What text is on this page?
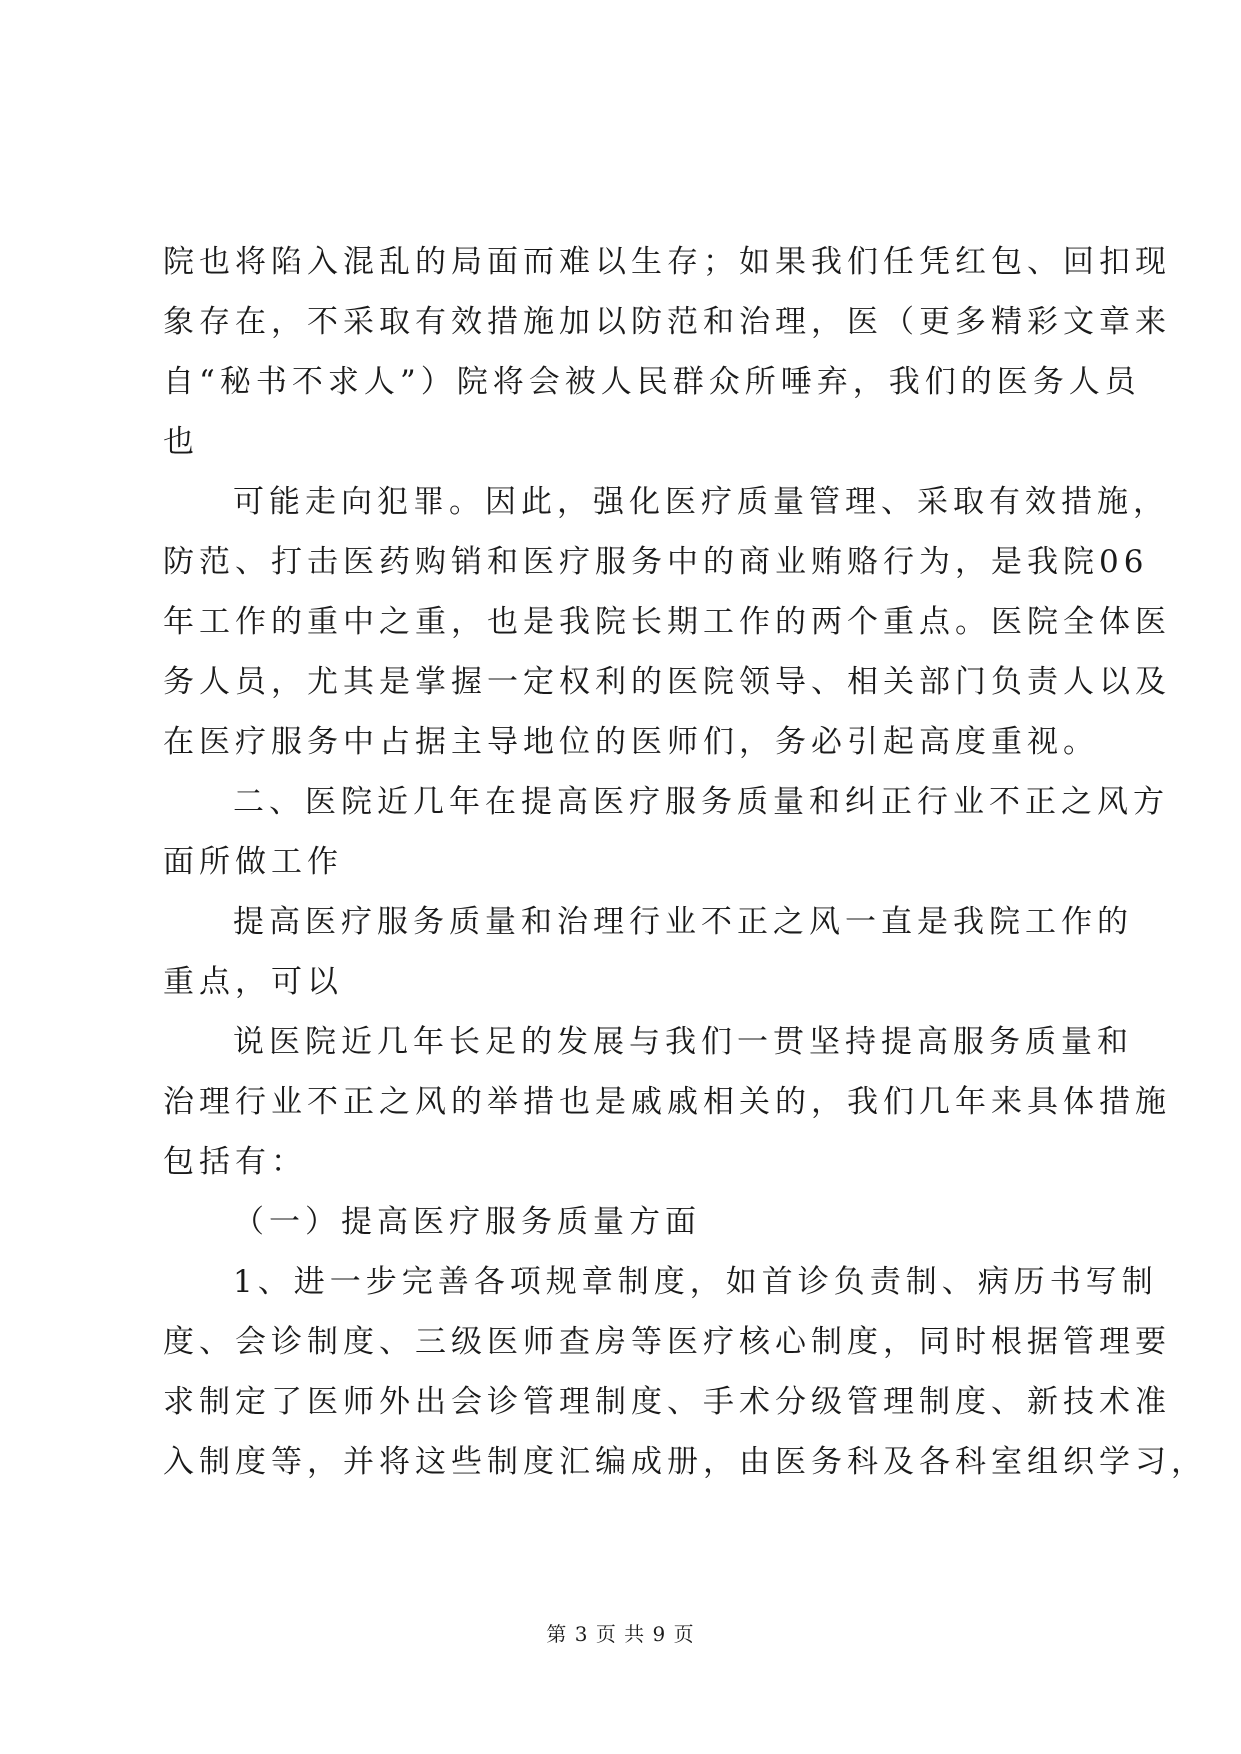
院也将陷入混乱的局面而难以生存；如果我们任凭红包、回扣现
象存在，不采取有效措施加以防范和治理，医（更多精彩文章来
自“秘书不求人”）院将会被人民群众所唾弃，我们的医务人员
也
可能走向犯罪。因此，强化医疗质量管理、采取有效措施，
防范、打击医药购销和医疗服务中的商业贿赂行为，是我院06
年工作的重中之重，也是我院长期工作的两个重点。医院全体医
务人员，尤其是掌握一定权利的医院领导、相关部门负责人以及
在医疗服务中占据主导地位的医师们，务必引起高度重视。
二、医院近几年在提高医疗服务质量和纠正行业不正之风方
面所做工作
提高医疗服务质量和治理行业不正之风一直是我院工作的
重点，可以
说医院近几年长足的发展与我们一贯坚持提高服务质量和
治理行业不正之风的举措也是戚戚相关的，我们几年来具体措施
包括有：
（一）提高医疗服务质量方面
1、进一步完善各项规章制度，如首诊负责制、病历书写制
度、会诊制度、三级医师查房等医疗核心制度，同时根据管理要
求制定了医师外出会诊管理制度、手术分级管理制度、新技术准
入制度等，并将这些制度汇编成册，由医务科及各科室组织学习，
第 3 页 共 9 页
